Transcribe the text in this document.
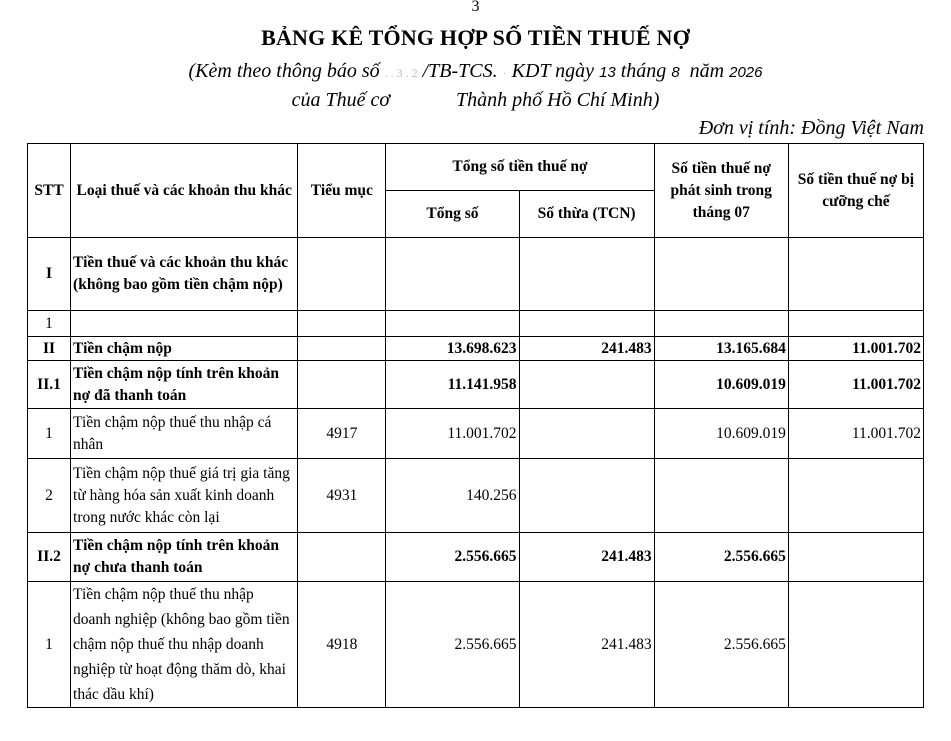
3
BẢNG KÊ TỔNG HỢP SỐ TIỀN THUẾ NỢ
(Kèm theo thông báo số . . 3 . 2 /TB-TCS. · KDT ngày 13 tháng 8 năm 2026
của Thuế cơ	Thành phố Hồ Chí Minh)
Đơn vị tính: Đồng Việt Nam
STT	Loại thuế và các khoản thu khác	Tiểu mục	Tổng số tiền thuế nợ		Số tiền thuế nợ phát sinh trong tháng 07	Số tiền thuế nợ bị cưỡng chế
			Tổng số	Số thừa (TCN)		
I	Tiền thuế và các khoản thu khác (không bao gồm tiền chậm nộp)					
1						
II	Tiền chậm nộp		13.698.623	241.483	13.165.684	11.001.702
II.1	Tiền chậm nộp tính trên khoản nợ đã thanh toán		11.141.958		10.609.019	11.001.702
1	Tiền chậm nộp thuế thu nhập cá nhân	4917	11.001.702		10.609.019	11.001.702
2	Tiền chậm nộp thuế giá trị gia tăng từ hàng hóa sản xuất kinh doanh trong nước khác còn lại	4931	140.256			
II.2	Tiền chậm nộp tính trên khoản nợ chưa thanh toán		2.556.665	241.483	2.556.665	
1	Tiền chậm nộp thuế thu nhập doanh nghiệp (không bao gồm tiền chậm nộp thuế thu nhập doanh nghiệp từ hoạt động thăm dò, khai thác dầu khí)	4918	2.556.665	241.483	2.556.665	
